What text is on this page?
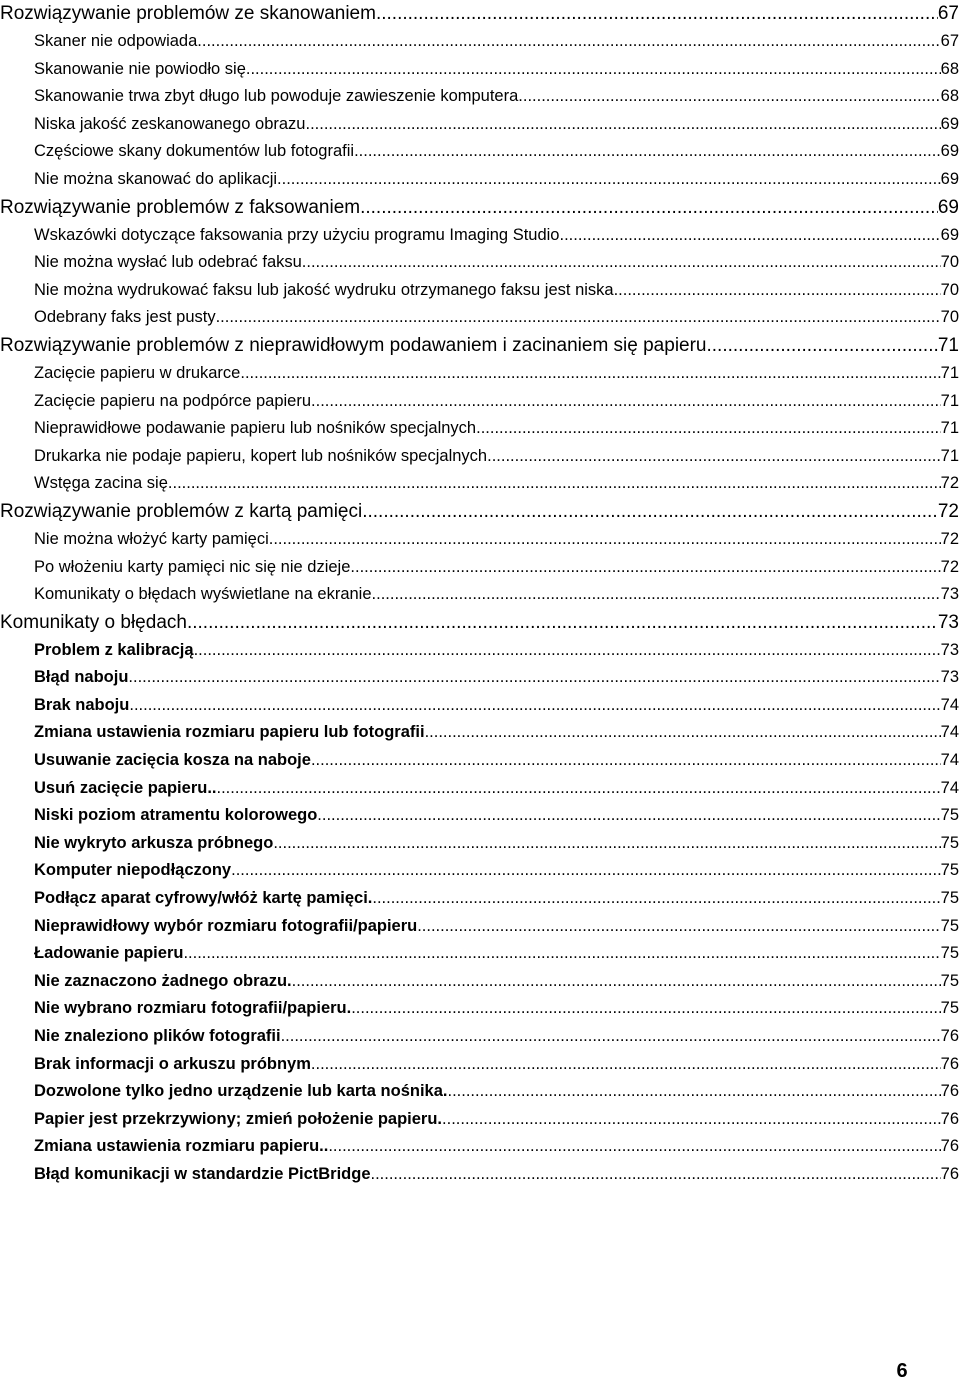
Rozwiązywanie problemów ze skanowaniem .....	67
Skaner nie odpowiada .....	67
Skanowanie nie powiodło się .....	68
Skanowanie trwa zbyt długo lub powoduje zawieszenie komputera .....	68
Niska jakość zeskanowanego obrazu .....	69
Częściowe skany dokumentów lub fotografii .....	69
Nie można skanować do aplikacji .....	69
Rozwiązywanie problemów z faksowaniem .....	69
Wskazówki dotyczące faksowania przy użyciu programu Imaging Studio .....	69
Nie można wysłać lub odebrać faksu .....	70
Nie można wydrukować faksu lub jakość wydruku otrzymanego faksu jest niska .....	70
Odebrany faks jest pusty .....	70
Rozwiązywanie problemów z nieprawidłowym podawaniem i zacinaniem się papieru .....	71
Zacięcie papieru w drukarce .....	71
Zacięcie papieru na podpórce papieru .....	71
Nieprawidłowe podawanie papieru lub nośników specjalnych .....	71
Drukarka nie podaje papieru, kopert lub nośników specjalnych .....	71
Wstęga zacina się .....	72
Rozwiązywanie problemów z kartą pamięci .....	72
Nie można włożyć karty pamięci .....	72
Po włożeniu karty pamięci nic się nie dzieje .....	72
Komunikaty o błędach wyświetlane na ekranie .....	73
Komunikaty o błędach .....	73
Problem z kalibracją .....	73
Błąd naboju .....	73
Brak naboju .....	74
Zmiana ustawienia rozmiaru papieru lub fotografii .....	74
Usuwanie zacięcia kosza na naboje .....	74
Usuń zacięcie papieru.. .....	74
Niski poziom atramentu kolorowego .....	75
Nie wykryto arkusza próbnego .....	75
Komputer niepodłączony .....	75
Podłącz aparat cyfrowy/włóż kartę pamięci. .....	75
Nieprawidłowy wybór rozmiaru fotografii/papieru .....	75
Ładowanie papieru .....	75
Nie zaznaczono żadnego obrazu. .....	75
Nie wybrano rozmiaru fotografii/papieru. .....	75
Nie znaleziono plików fotografii .....	76
Brak informacji o arkuszu próbnym .....	76
Dozwolone tylko jedno urządzenie lub karta nośnika. .....	76
Papier jest przekrzywiony; zmień położenie papieru. .....	76
Zmiana ustawienia rozmiaru papieru.. .....	76
Błąd komunikacji w standardzie PictBridge .....	76
6
